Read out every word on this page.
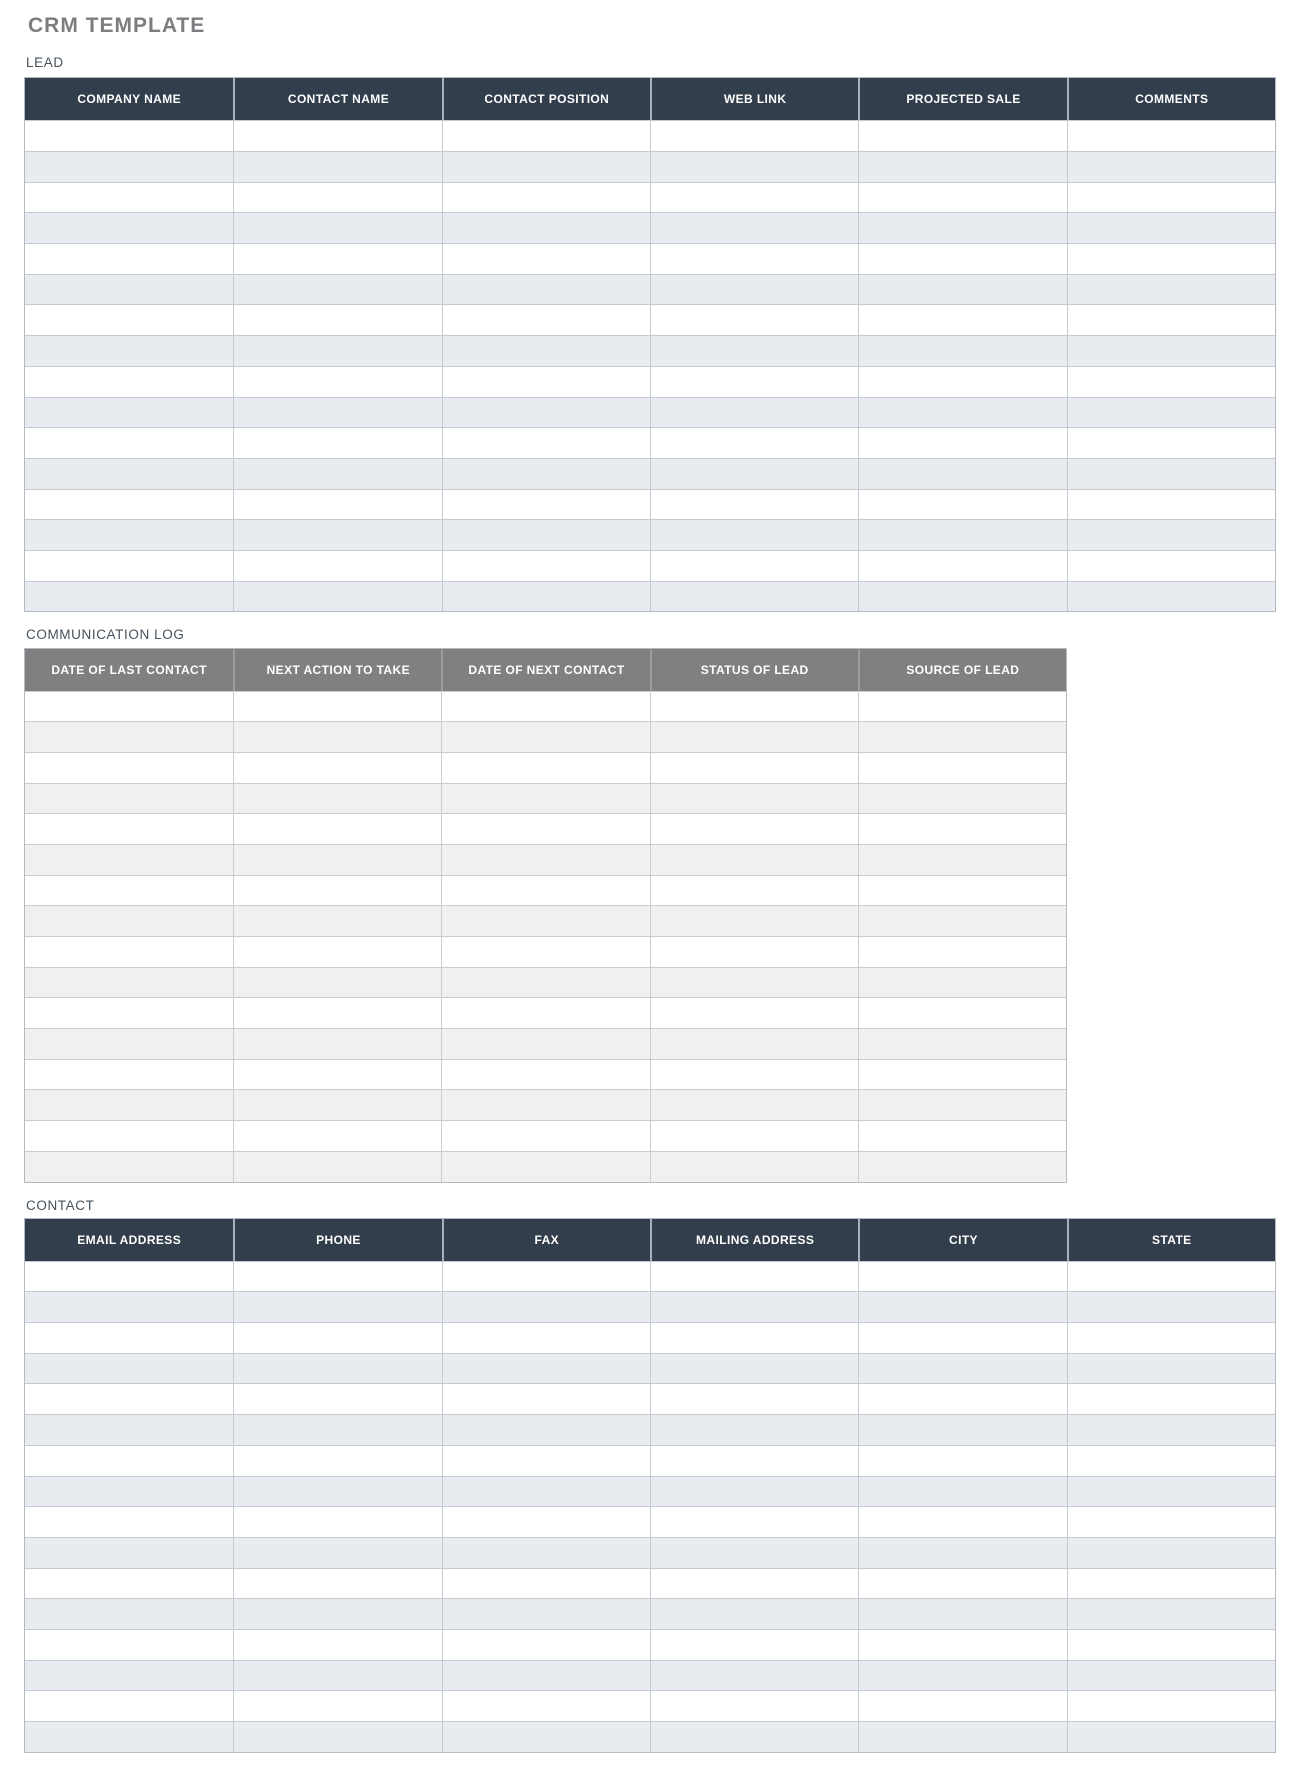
CRM TEMPLATE
LEAD
COMPANY NAME	CONTACT NAME	CONTACT POSITION	WEB LINK	PROJECTED SALE	COMMENTS
COMMUNICATION LOG
DATE OF LAST CONTACT	NEXT ACTION TO TAKE	DATE OF NEXT CONTACT	STATUS OF LEAD	SOURCE OF LEAD
CONTACT
EMAIL ADDRESS	PHONE	FAX	MAILING ADDRESS	CITY	STATE
